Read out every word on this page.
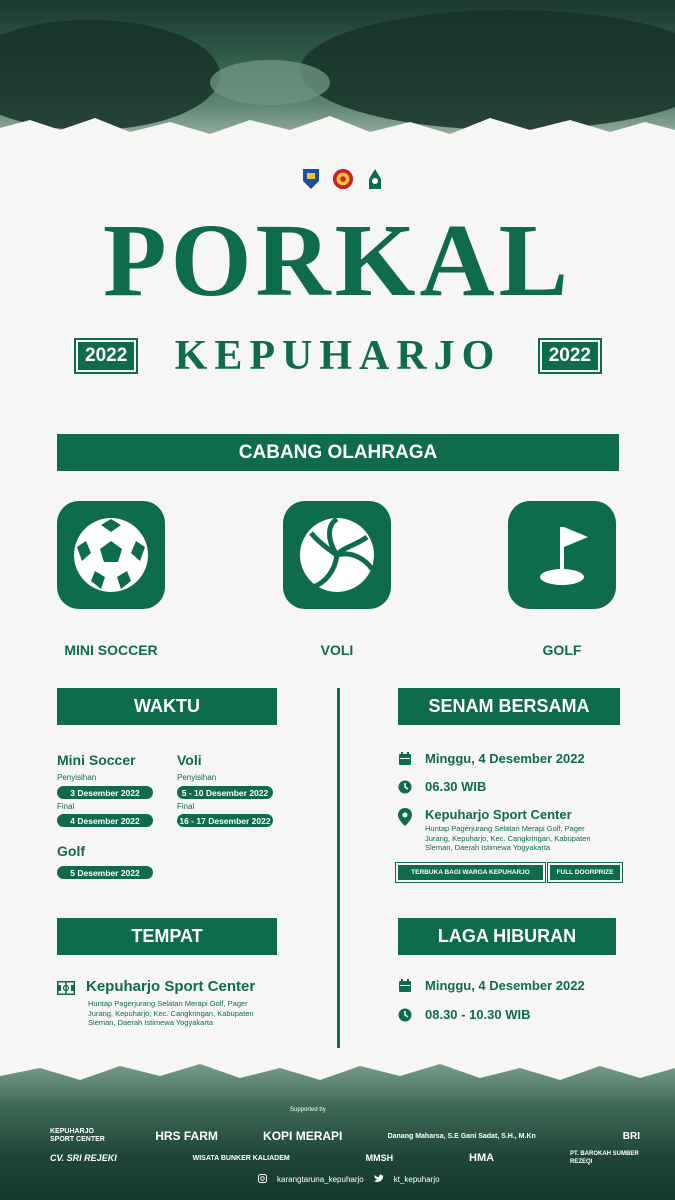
PORKAL
2022 KEPUHARJO	2022
CABANG OLAHRAGA
MINI SOCCER	VOLI	GOLF
WAKTU
Mini Soccer
Penyisihan
3 Desember 2022
Final
4 Desember 2022
Voli
Penyisihan
5 - 10 Desember 2022
Final
16 - 17 Desember 2022
Golf
5 Desember 2022
SENAM BERSAMA
Minggu, 4 Desember 2022
06.30 WIB
Kepuharjo Sport Center
Huntap Pagerjurang Selatan Merapi Golf, Pager Jurang, Kepuharjo, Kec. Cangkringan, Kabupaten Sleman, Daerah Istimewa Yogyakarta
TERBUKA BAGI WARGA KEPUHARJO	FULL DOORPRIZE
TEMPAT
Kepuharjo Sport Center
Huntap Pagerjurang Selatan Merapi Golf, Pager Jurang, Kepuharjo, Kec. Cangkringan, Kabupaten Sleman, Daerah Istimewa Yogyakarta
LAGA HIBURAN
Minggu, 4 Desember 2022
08.30 - 10.30 WIB
Supported by
KEPUHARJO SPORT CENTER	HRS FARM	KOPI MERAPI	Danang Maharsa, S.E Gani Sadat, S.H., M.Kn	BRI
CV. SRI REJEKI	WISATA BUNKER KALIADEM	MMSH	HMA	PT. BAROKAH SUMBER REZEQI
karangtaruna_kepuharjo	kt_kepuharjo
